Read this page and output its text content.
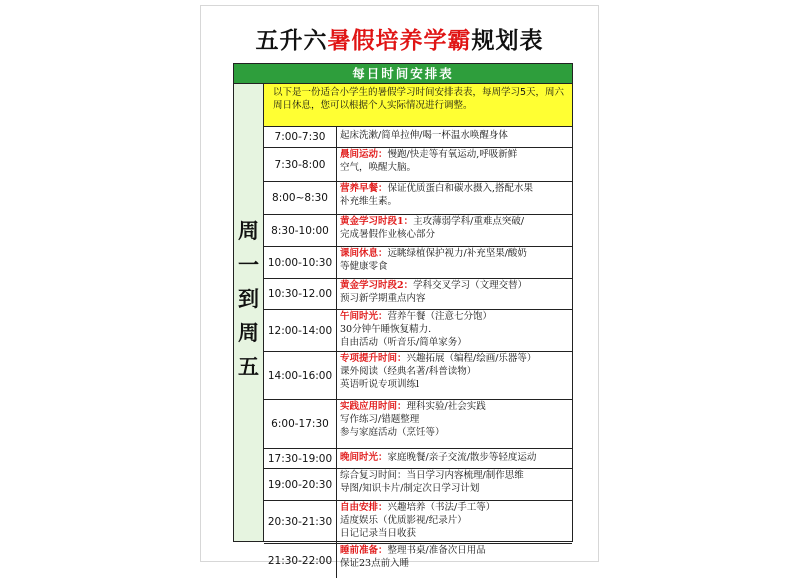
五升六暑假培养学霸规划表
每日时间安排表
周
一
到
周
五
以下是一份适合小学生的暑假学习时间安排表表，每周学习5天，周六周日休息，您可以根据个人实际情况进行调整。
7:00-7:30	起床洗漱/简单拉伸/喝一杯温水唤醒身体
7:30-8:00
晨间运动：慢跑/快走等有氧运动,呼吸新鲜
空气，唤醒大脑。
8:00~8:30
营养早餐：保证优质蛋白和碳水摄入,搭配水果
补充维生素。
8:30-10:00
黄金学习时段1：主攻薄弱学科/重难点突破/
完成暑假作业核心部分
10:00-10:30
课间休息：远眺绿植保护视力/补充坚果/酸奶
等健康零食
10:30-12.00
黄金学习时段2：学科交叉学习（文理交替）
预习新学期重点内容
12:00-14:00
午间时光：营养午餐（注意七分饱）
30分钟午睡恢复精力.
自由活动（听音乐/简单家务）
14:00-16:00
专项提升时间：兴趣拓展（编程/绘画/乐器等）
课外阅读（经典名著/科普读物）
英语听说专项训练l
6:00-17:30
实践应用时间：理科实验/社会实践
写作练习/错题整理
参与家庭活动（烹饪等）
17:30-19:00 晚间时光：家庭晚餐/亲子交流/散步等轻度运动
19:00-20:30
综合复习时间：当日学习内容梳理/制作思维
导图/知识卡片/制定次日学习计划
20:30-21:30
自由安排：兴趣培养（书法/手工等）
适度娱乐（优质影视/纪录片）
日记记录当日收获
21:30-22:00
睡前准备：整理书桌/准备次日用品
保证23点前入睡
